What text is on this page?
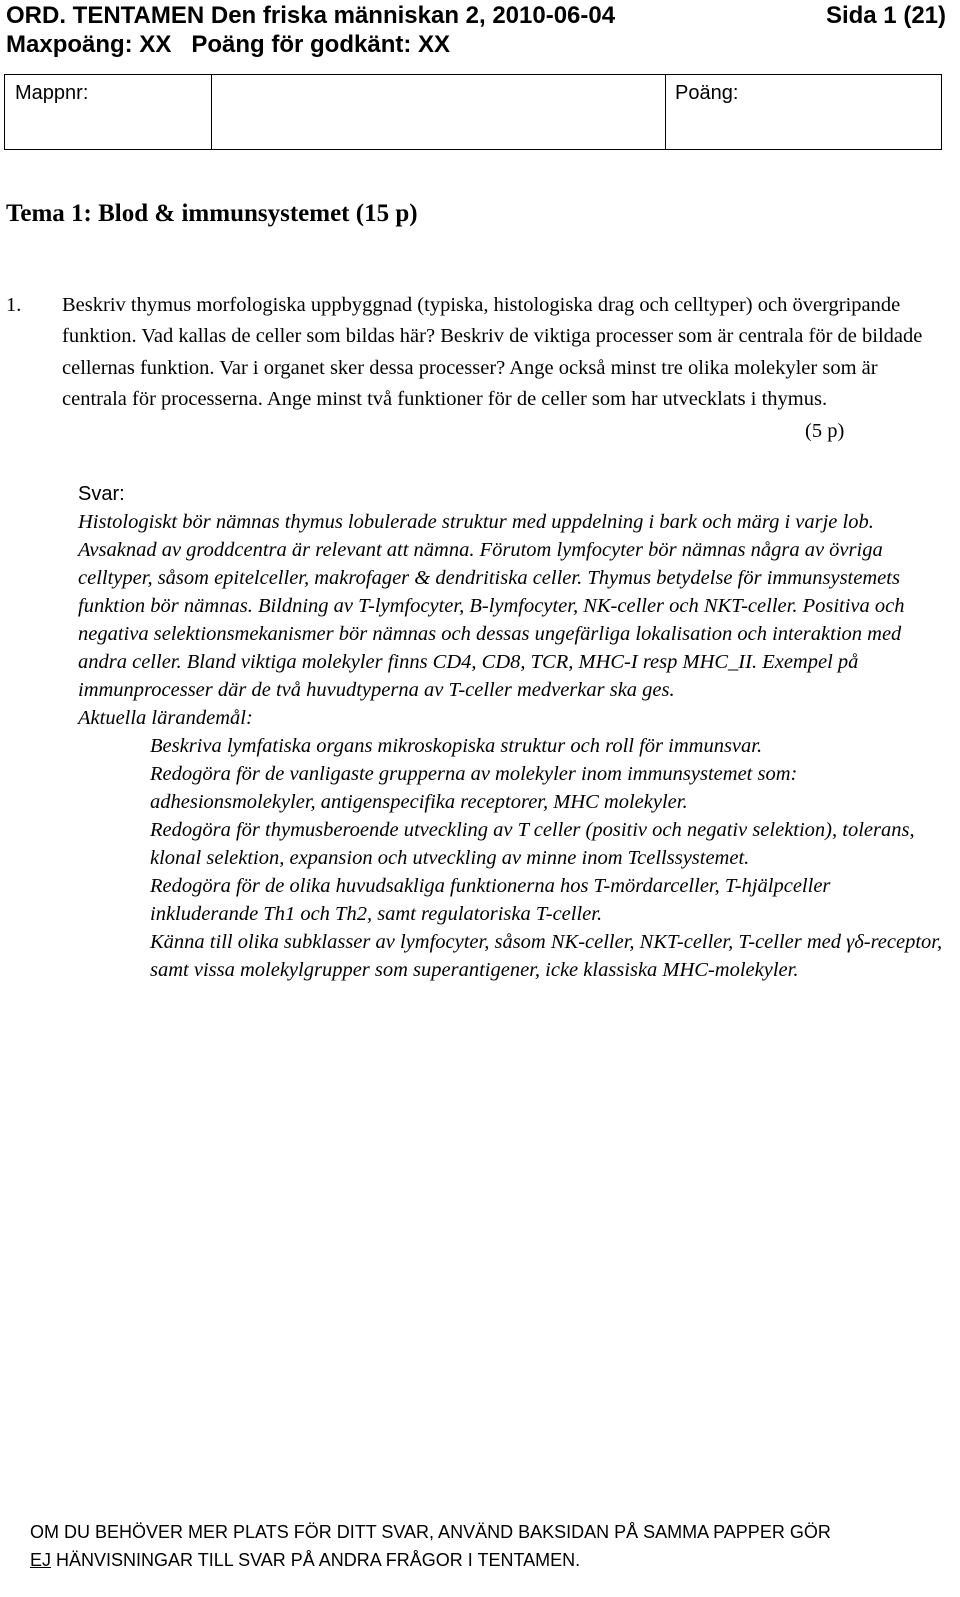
ORD. TENTAMEN Den friska människan 2, 2010-06-04	Sida 1 (21)
Maxpoäng: XX   Poäng för godkänt: XX
Mappnr:	Poäng:
Tema 1: Blod & immunsystemet (15 p)
1. Beskriv thymus morfologiska uppbyggnad (typiska, histologiska drag och celltyper) och övergripande funktion. Vad kallas de celler som bildas här? Beskriv de viktiga processer som är centrala för de bildade cellernas funktion. Var i organet sker dessa processer? Ange också minst tre olika molekyler som är centrala för processerna. Ange minst två funktioner för de celler som har utvecklats i thymus.
(5 p)

Svar:

Histologiskt bör nämnas thymus lobulerade struktur med uppdelning i bark och märg i varje lob. Avsaknad av groddcentra är relevant att nämna. Förutom lymfocyter bör nämnas några av övriga celltyper, såsom epitelceller, makrofager & dendritiska celler. Thymus betydelse för immunsystemets funktion bör nämnas. Bildning av T-lymfocyter, B-lymfocyter, NK-celler och NKT-celler. Positiva och negativa selektionsmekanismer bör nämnas och dessas ungefärliga lokalisation och interaktion med andra celler. Bland viktiga molekyler finns CD4, CD8, TCR, MHC-I resp MHC_II. Exempel på immunprocesser där de två huvudtyperna av T-celler medverkar ska ges.

Aktuella lärandemål:

Beskriva lymfatiska organs mikroskopiska struktur och roll för immunsvar.

Redogöra för de vanligaste grupperna av molekyler inom immunsystemet som: adhesionsmolekyler, antigenspecifika receptorer, MHC molekyler.

Redogöra för thymusberoende utveckling av T celler (positiv och negativ selektion), tolerans, klonal selektion, expansion och utveckling av minne inom Tcellssystemet.

Redogöra för de olika huvudsakliga funktionerna hos T-mördarceller, T-hjälpceller

inkluderande Th1 och Th2, samt regulatoriska T-celler.

Känna till olika subklasser av lymfocyter, såsom NK-celler, NKT-celler, T-celler med γδ-receptor, samt vissa molekylgrupper som superantigener, icke klassiska MHC-molekyler.

OM DU BEHÖVER MER PLATS FÖR DITT SVAR, ANVÄND BAKSIDAN PÅ SAMMA PAPPER GÖR
EJ HÄNVISNINGAR TILL SVAR PÅ ANDRA FRÅGOR I TENTAMEN.
